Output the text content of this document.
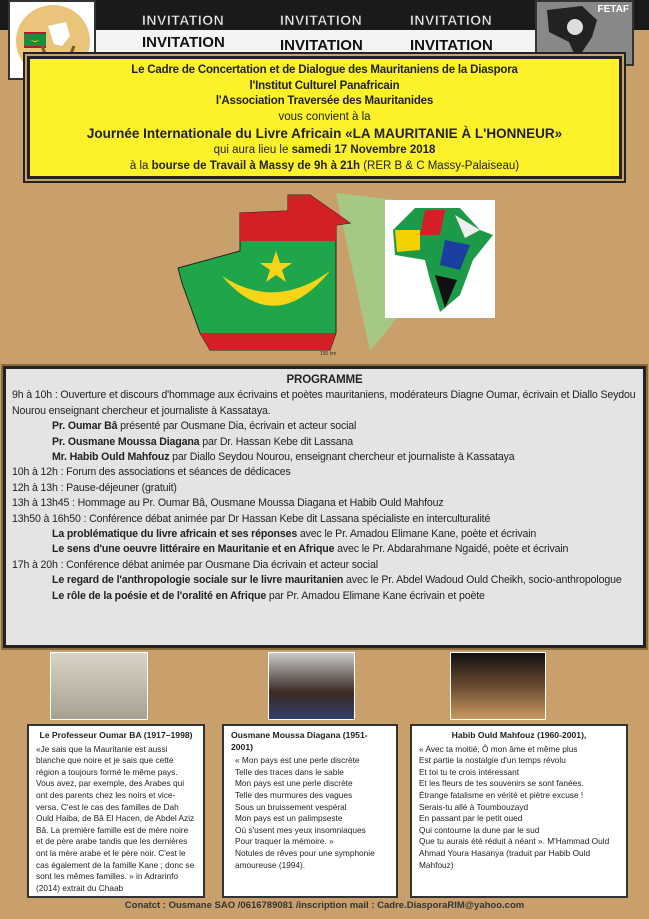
INVITATION	INVITATION	INVITATION
INVITATION	INVITATION	INVITATION
FETAF
Le Cadre de Concertation et de Dialogue des Mauritaniens de la Diaspora
l'Institut Culturel Panafricain
l'Association Traversée des Mauritanides
vous convient à la
Journée Internationale du Livre Africain «LA MAURITANIE À L'HONNEUR»
qui aura lieu le samedi 17 Novembre 2018
à la bourse de Travail à Massy de 9h à 21h (RER B & C Massy-Palaiseau)
150 km
PROGRAMME
9h à 10h : Ouverture et discours d'hommage aux écrivains et poètes mauritaniens, modérateurs Diagne Oumar, écrivain et Diallo Seydou Nourou enseignant chercheur et journaliste à Kassataya.
Pr. Oumar Bâ présenté par Ousmane Dia, écrivain et acteur social
Pr. Ousmane Moussa Diagana par Dr. Hassan Kebe dit Lassana
Mr. Habib Ould Mahfouz par Diallo Seydou Nourou, enseignant chercheur et journaliste à Kassataya
10h à 12h : Forum des associations et séances de dédicaces
12h à 13h : Pause-déjeuner (gratuit)
13h à 13h45 : Hommage au Pr. Oumar Bâ, Ousmane Moussa Diagana et Habib Ould Mahfouz
13h50 à 16h50 : Conférence débat animée par Dr Hassan Kebe dit Lassana spécialiste en interculturalité
La problématique du livre africain et ses réponses avec le Pr. Amadou Elimane Kane, poète et écrivain
Le sens d'une oeuvre littéraire en Mauritanie et en Afrique avec le Pr. Abdarahmane Ngaidé, poète et écrivain
17h à 20h : Conférence débat animée par Ousmane Dia écrivain et acteur social
Le regard de l'anthropologie sociale sur le livre mauritanien avec le Pr. Abdel Wadoud Ould Cheikh, socio-anthropologue
Le rôle de la poésie et de l'oralité en Afrique par Pr. Amadou Elimane Kane écrivain et poète
Le Professeur Oumar BA (1917–1998)
«Je sais que la Mauritanie est aussi blanche que noire et je sais que cette région a toujours formé le même pays. Vous avez, par exemple, des Arabes qui ont des parents chez les noirs et vice-versa. C'est le cas des familles de Dah Ould Haiba, de Bâ El Hacen, de Abdel Aziz Bâ. La première famille est de mère noire et de père arabe tandis que les dernières ont la mère arabe et le père noir. C'est le cas également de la famille Kane ; donc se sont les mêmes familles. » in Adrarinfo (2014) extrait du Chaab
Ousmane Moussa Diagana (1951-2001)
« Mon pays est une perle discrète
Telle des traces dans le sable
Mon pays est une perle discrète
Telle des murmures des vagues
Sous un bruissement vespéral
Mon pays est un palimpseste
Où s'usent mes yeux insomniaques
Pour traquer la mémoire. »
Notules de rêves pour une symphonie amoureuse (1994).
Habib Ould Mahfouz (1960-2001),
« Avec ta moitié, Ô mon âme et même plus
Est partie la nostalgie d'un temps révolu
Et toi tu te crois intéressant
Et les fleurs de tes souvenirs se sont fanées.
Étrange fatalisme en vérité et piètre excuse !
Serais-tu allé à Toumbouzayd
En passant par le petit oued
Qui contourne la dune par le sud
Que tu aurais été réduit à néant ». M'Hammad Ould Ahmad Youra Hasanya (traduit par Habib Ould Mahfouz)
Conatct : Ousmane SAO /0616789081 /inscription mail : Cadre.DiasporaRIM@yahoo.com
